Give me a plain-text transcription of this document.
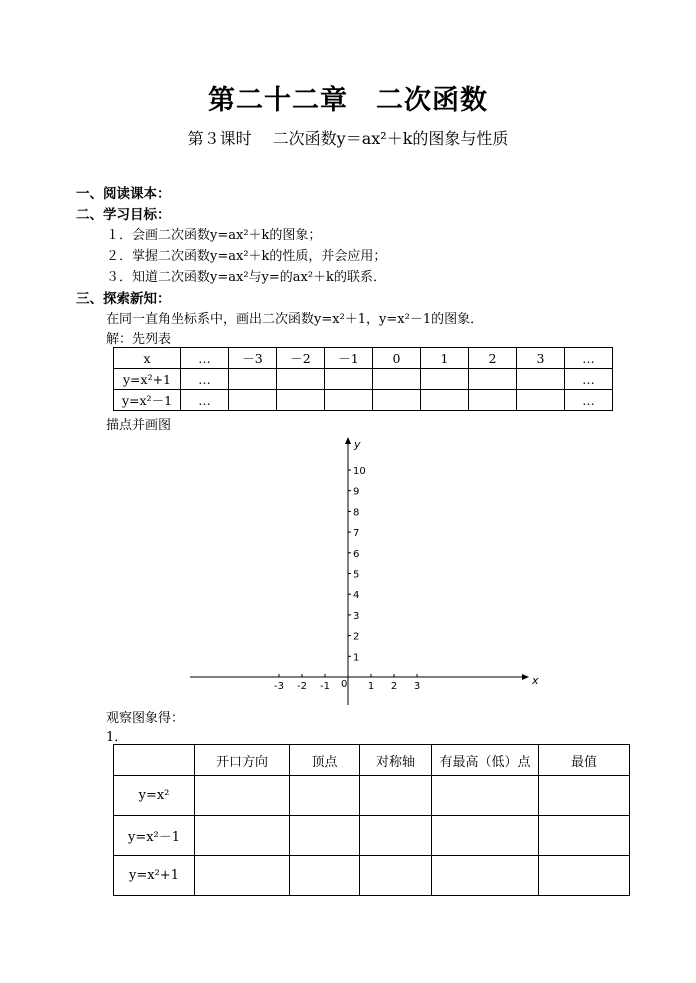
第二十二章　二次函数
第３课时　 二次函数y＝ax²＋k的图象与性质
一、阅读课本：
二、学习目标：
１．会画二次函数y=ax²＋k的图象；
２．掌握二次函数y=ax²＋k的性质，并会应用；
３．知道二次函数y=ax²与y=的ax²＋k的联系．
三、探索新知：
在同一直角坐标系中，画出二次函数y=x²＋1，y=x²－1的图象．
解：先列表
x	…	－3	－2	－1	0	1	2	3	…
y=x²+1	…								…
y=x²－1	…								…
描点并画图
x
y
0
-3 -2 -1	1 2 3
1
2
3
4
5
6
7
8
9
10
观察图象得：
1．
	开口方向	顶点	对称轴	有最高（低）点	最值
y=x²					
y=x²－1					
y=x²+1					
